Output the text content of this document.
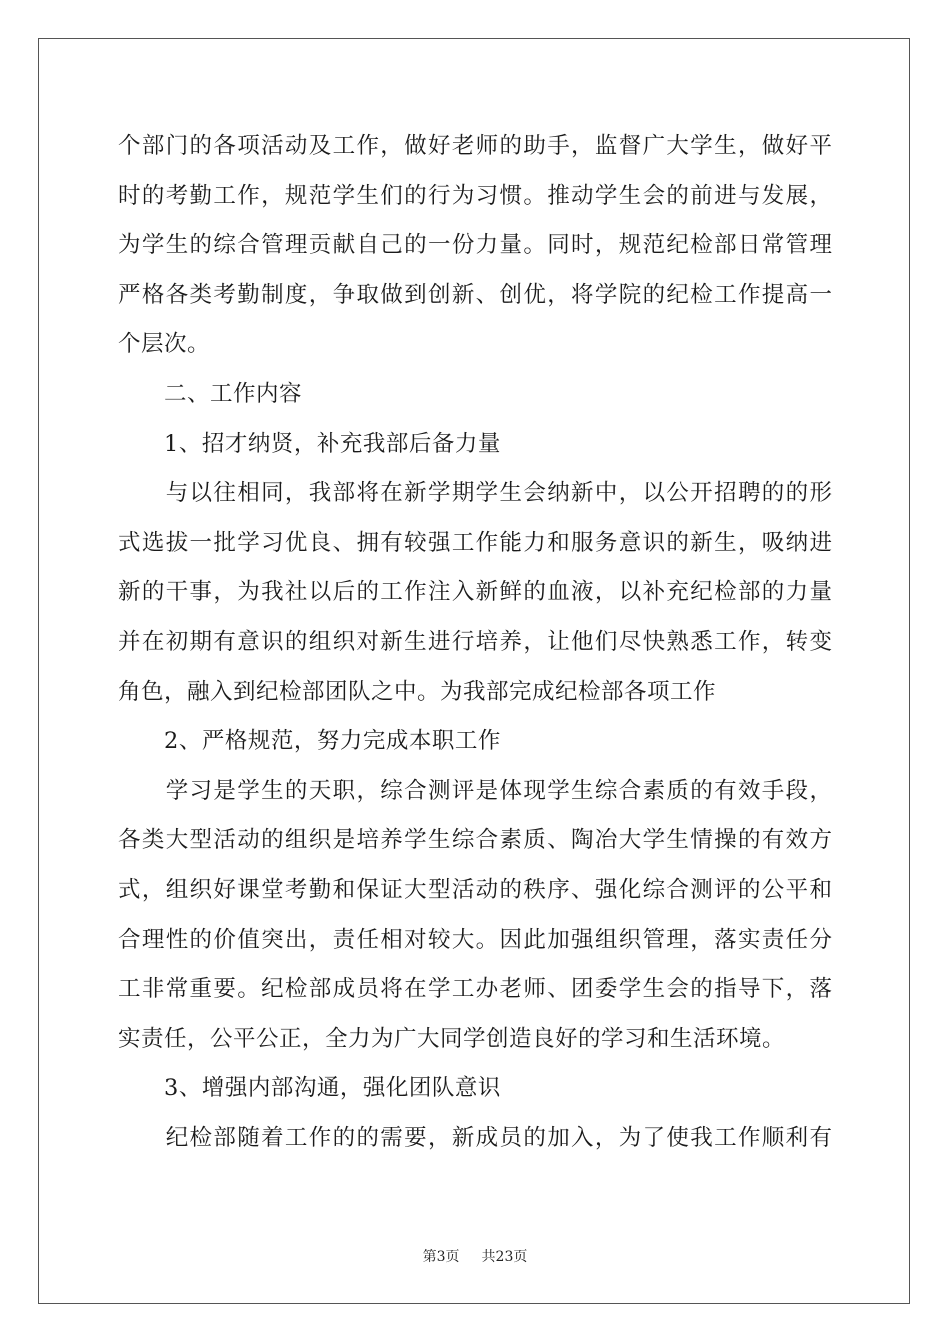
个部门的各项活动及工作，做好老师的助手，监督广大学生，做好平
时的考勤工作，规范学生们的行为习惯。推动学生会的前进与发展，
为学生的综合管理贡献自己的一份力量。同时，规范纪检部日常管理
严格各类考勤制度，争取做到创新、创优，将学院的纪检工作提高一
个层次。
　　二、工作内容
　　1、招才纳贤，补充我部后备力量
　　与以往相同，我部将在新学期学生会纳新中，以公开招聘的的形
式选拔一批学习优良、拥有较强工作能力和服务意识的新生，吸纳进
新的干事，为我社以后的工作注入新鲜的血液，以补充纪检部的力量
并在初期有意识的组织对新生进行培养，让他们尽快熟悉工作，转变
角色，融入到纪检部团队之中。为我部完成纪检部各项工作
　　2、严格规范，努力完成本职工作
　　学习是学生的天职，综合测评是体现学生综合素质的有效手段，
各类大型活动的组织是培养学生综合素质、陶冶大学生情操的有效方
式，组织好课堂考勤和保证大型活动的秩序、强化综合测评的公平和
合理性的价值突出，责任相对较大。因此加强组织管理，落实责任分
工非常重要。纪检部成员将在学工办老师、团委学生会的指导下，落
实责任，公平公正，全力为广大同学创造良好的学习和生活环境。
　　3、增强内部沟通，强化团队意识
　　纪检部随着工作的的需要，新成员的加入，为了使我工作顺利有
第3页 共23页
